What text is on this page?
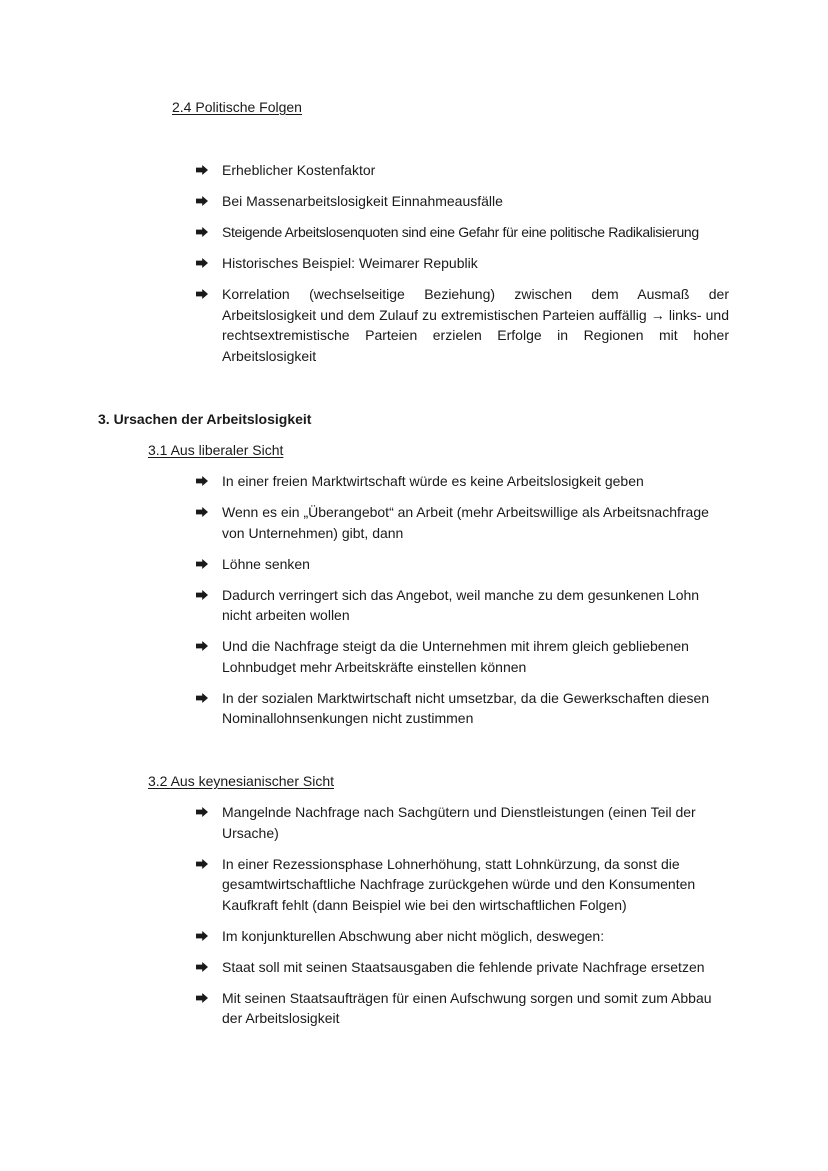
2.4 Politische Folgen
Erheblicher Kostenfaktor
Bei Massenarbeitslosigkeit Einnahmeausfälle
Steigende Arbeitslosenquoten sind eine Gefahr für eine politische Radikalisierung
Historisches Beispiel: Weimarer Republik
Korrelation (wechselseitige Beziehung) zwischen dem Ausmaß der Arbeitslosigkeit und dem Zulauf zu extremistischen Parteien auffällig → links- und rechtsextremistische Parteien erzielen Erfolge in Regionen mit hoher Arbeitslosigkeit
3. Ursachen der Arbeitslosigkeit
3.1 Aus liberaler Sicht
In einer freien Marktwirtschaft würde es keine Arbeitslosigkeit geben
Wenn es ein „Überangebot“ an Arbeit (mehr Arbeitswillige als Arbeitsnachfrage von Unternehmen) gibt, dann
Löhne senken
Dadurch verringert sich das Angebot, weil manche zu dem gesunkenen Lohn nicht arbeiten wollen
Und die Nachfrage steigt da die Unternehmen mit ihrem gleich gebliebenen Lohnbudget mehr Arbeitskräfte einstellen können
In der sozialen Marktwirtschaft nicht umsetzbar, da die Gewerkschaften diesen Nominallohnsenkungen nicht zustimmen
3.2 Aus keynesianischer Sicht
Mangelnde Nachfrage nach Sachgütern und Dienstleistungen (einen Teil der Ursache)
In einer Rezessionsphase Lohnerhöhung, statt Lohnkürzung, da sonst die gesamtwirtschaftliche Nachfrage zurückgehen würde und den Konsumenten Kaufkraft fehlt (dann Beispiel wie bei den wirtschaftlichen Folgen)
Im konjunkturellen Abschwung aber nicht möglich, deswegen:
Staat soll mit seinen Staatsausgaben die fehlende private Nachfrage ersetzen
Mit seinen Staatsaufträgen für einen Aufschwung sorgen und somit zum Abbau der Arbeitslosigkeit
